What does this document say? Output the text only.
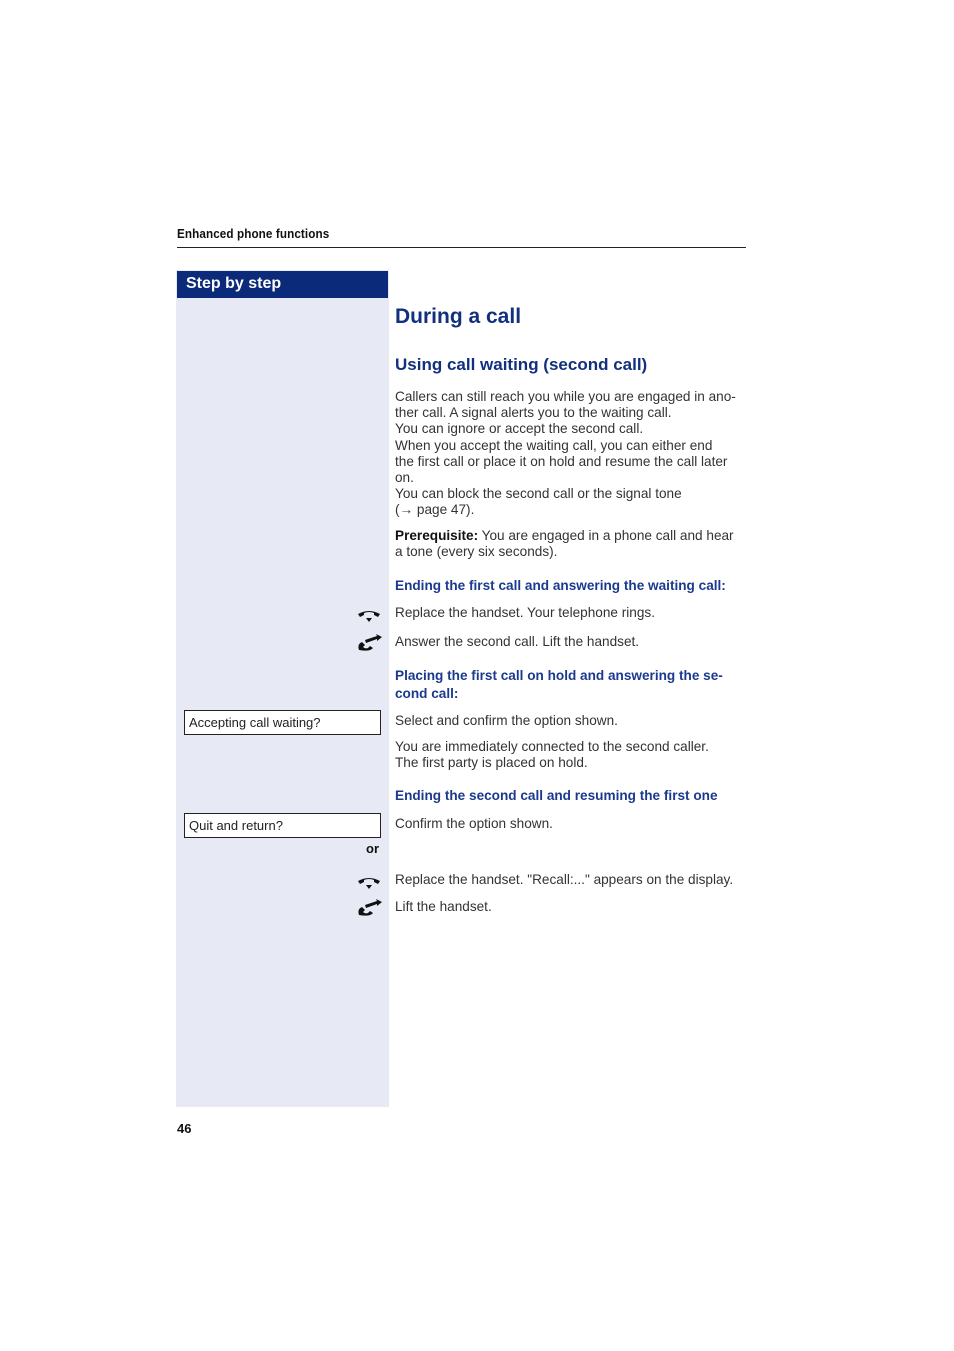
Enhanced phone functions
Step by step
During a call
Using call waiting (second call)
Callers can still reach you while you are engaged in ano-
ther call. A signal alerts you to the waiting call.
You can ignore or accept the second call.
When you accept the waiting call, you can either end
the first call or place it on hold and resume the call later
on.
You can block the second call or the signal tone
(→ page 47).
Prerequisite: You are engaged in a phone call and hear
a tone (every six seconds).
Ending the first call and answering the waiting call:
Replace the handset. Your telephone rings.
Answer the second call. Lift the handset.
Placing the first call on hold and answering the se-
cond call:
Accepting call waiting?	Select and confirm the option shown.
You are immediately connected to the second caller.
The first party is placed on hold.
Ending the second call and resuming the first one
Quit and return?	Confirm the option shown.
or
Replace the handset. "Recall:..." appears on the display.
Lift the handset.
46
